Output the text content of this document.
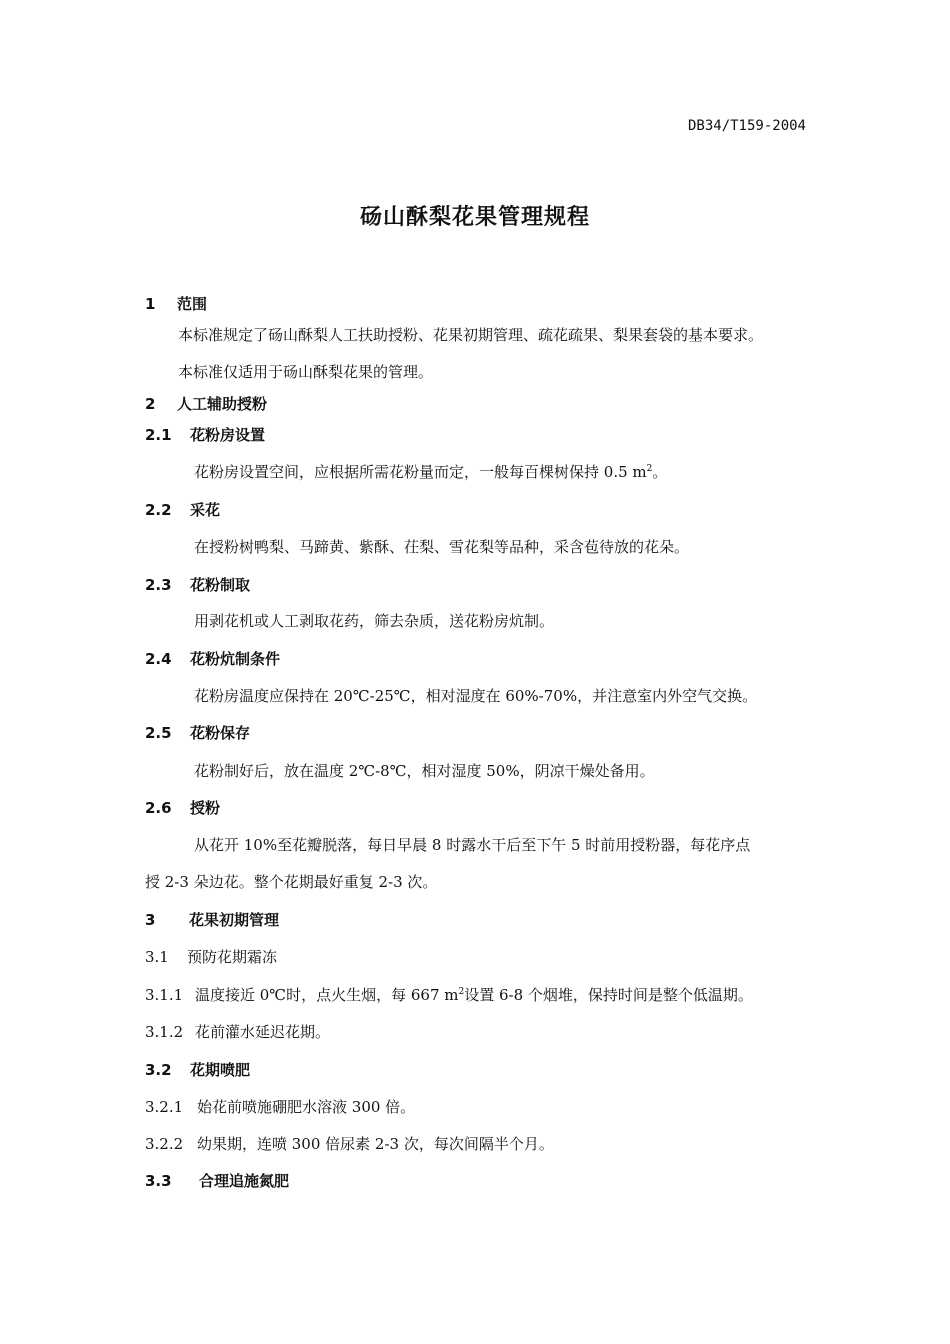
DB34/T159-2004
砀山酥梨花果管理规程
1 范围
本标准规定了砀山酥梨人工扶助授粉、花果初期管理、疏花疏果、梨果套袋的基本要求。
本标准仅适用于砀山酥梨花果的管理。
2 人工辅助授粉
2.1 花粉房设置
花粉房设置空间，应根据所需花粉量而定，一般每百棵树保持 0.5 $m^2$。
2.2 采花
在授粉树鸭梨、马蹄黄、紫酥、茌梨、雪花梨等品种，采含苞待放的花朵。
2.3 花粉制取
用剥花机或人工剥取花药，筛去杂质，送花粉房炕制。
2.4 花粉炕制条件
花粉房温度应保持在 20℃-25℃，相对湿度在 60%-70%，并注意室内外空气交换。
2.5 花粉保存
花粉制好后，放在温度 2℃-8℃，相对湿度 50%，阴凉干燥处备用。
2.6 授粉
从花开 10%至花瓣脱落，每日早晨 8 时露水干后至下午 5 时前用授粉器，每花序点
授 2-3 朵边花。整个花期最好重复 2-3 次。
3 花果初期管理
3.1 预防花期霜冻
3.1.1 温度接近 0℃时，点火生烟，每 667 $m^2$设置 6-8 个烟堆，保持时间是整个低温期。
3.1.2 花前灌水延迟花期。
3.2 花期喷肥
3.2.1 始花前喷施硼肥水溶液 300 倍。
3.2.2 幼果期，连喷 300 倍尿素 2-3 次，每次间隔半个月。
3.3 合理追施氮肥
